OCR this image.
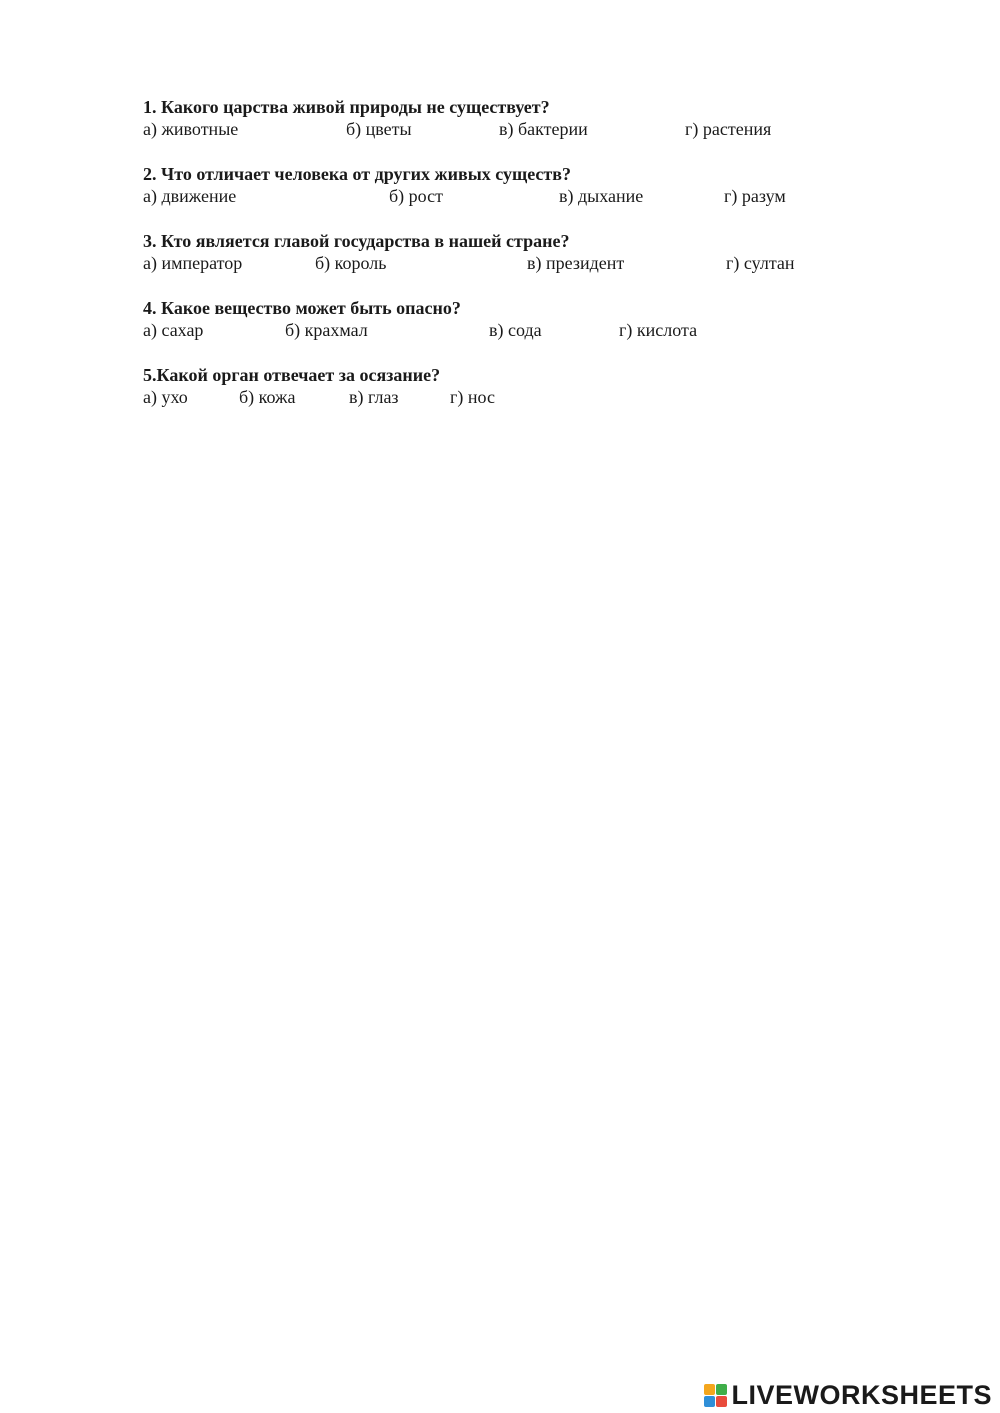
1. Какого царства живой природы не существует?
а) животные	б) цветы	в) бактерии	г) растения
2. Что отличает человека от других живых существ?
а) движение	б) рост	в) дыхание	г) разум
3. Кто является главой государства в нашей стране?
а) император	б) король	в) президент	г) султан
4. Какое вещество может быть опасно?
а) сахар	б) крахмал	в) сода	г) кислота
5.Какой орган отвечает за осязание?
а) ухо	б) кожа	в) глаз	г) нос
LIVEWORKSHEETS
